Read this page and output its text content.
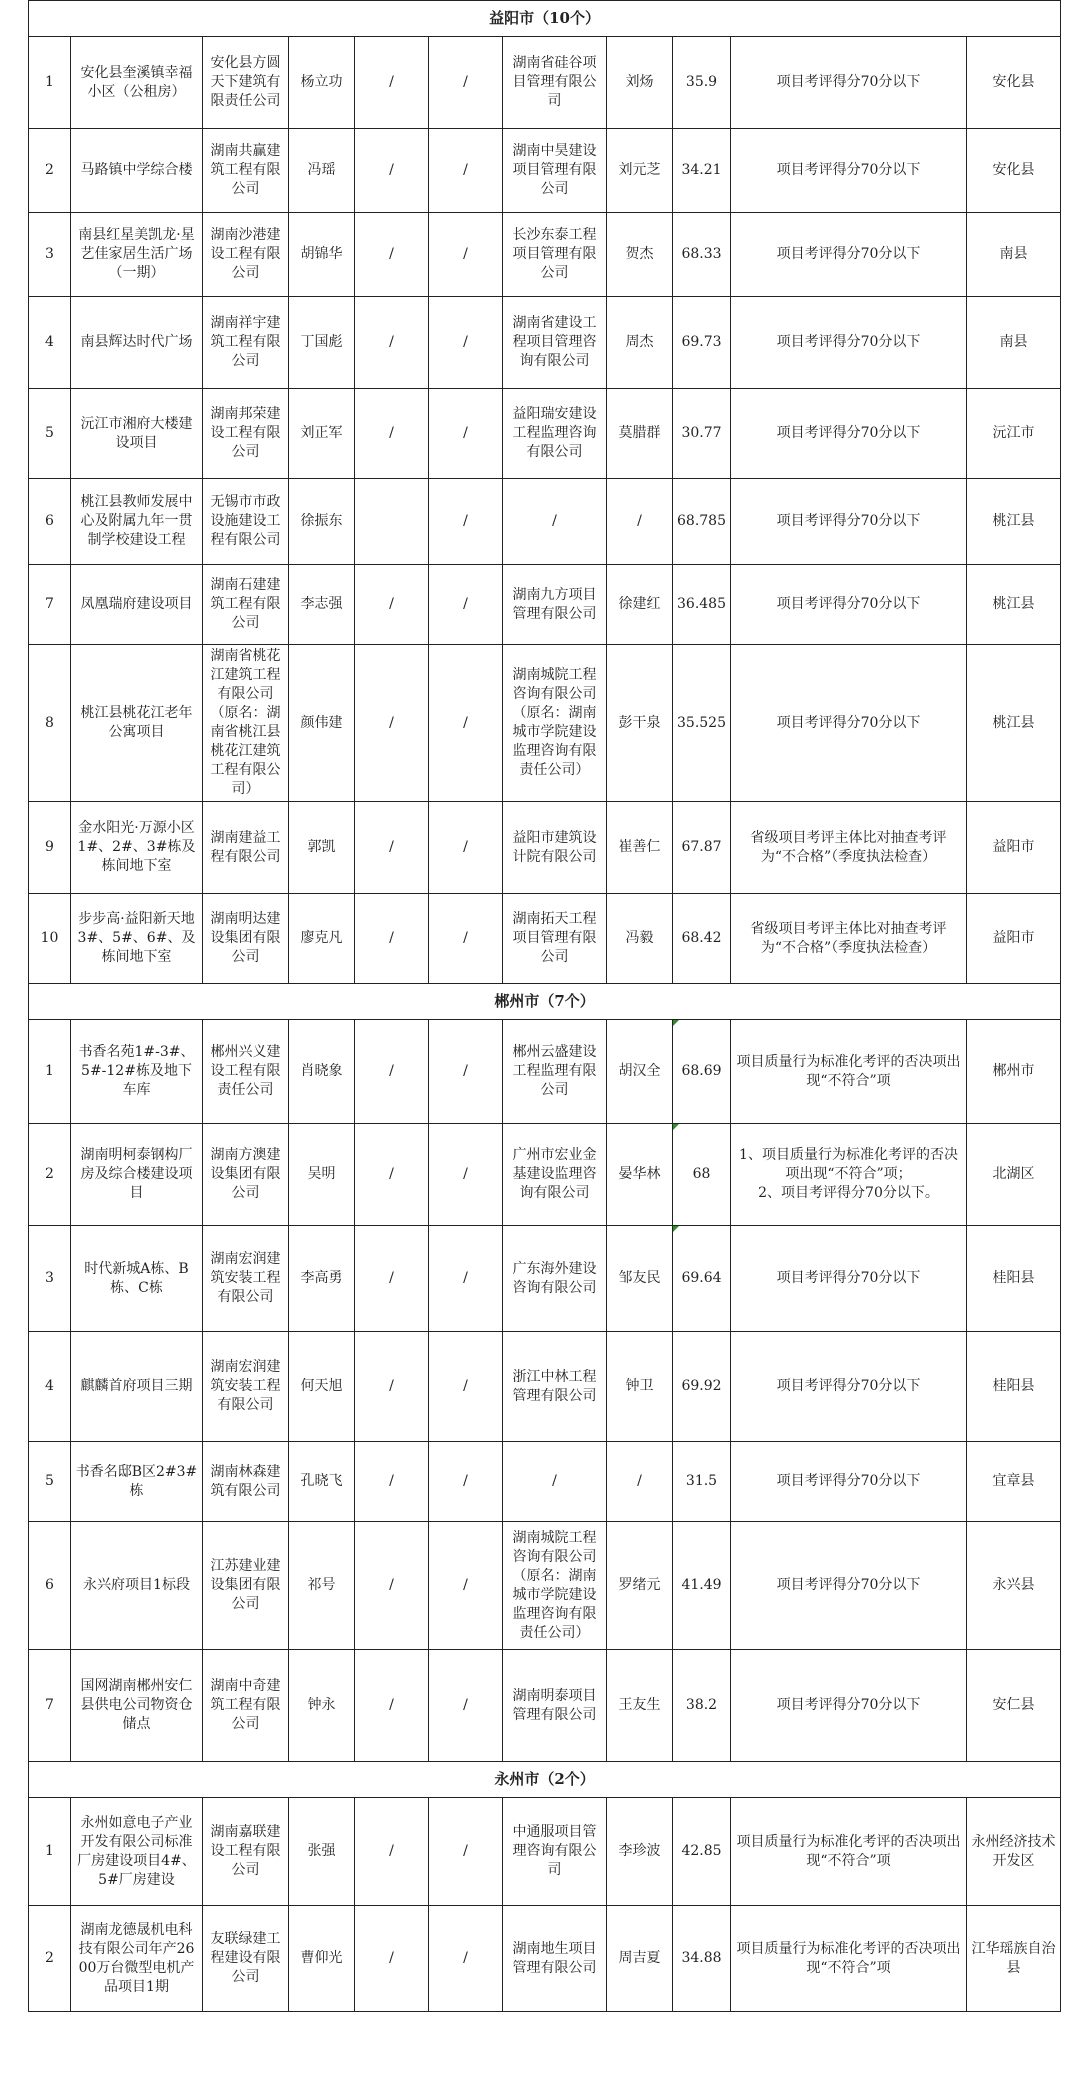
益阳市（10个）										
1	安化县奎溪镇幸福小区（公租房）	安化县方圆天下建筑有限责任公司	杨立功	/	/	湖南省硅谷项目管理有限公司	刘炀	35.9	项目考评得分70分以下	安化县
2	马路镇中学综合楼	湖南共赢建筑工程有限公司	冯瑶	/	/	湖南中昊建设项目管理有限公司	刘元芝	34.21	项目考评得分70分以下	安化县
3	南县红星美凯龙·星艺佳家居生活广场（一期）	湖南沙港建设工程有限公司	胡锦华	/	/	长沙东泰工程项目管理有限公司	贺杰	68.33	项目考评得分70分以下	南县
4	南县辉达时代广场	湖南祥宇建筑工程有限公司	丁国彪	/	/	湖南省建设工程项目管理咨询有限公司	周杰	69.73	项目考评得分70分以下	南县
5	沅江市湘府大楼建设项目	湖南邦荣建设工程有限公司	刘正军	/	/	益阳瑞安建设工程监理咨询有限公司	莫腊群	30.77	项目考评得分70分以下	沅江市
6	桃江县教师发展中心及附属九年一贯制学校建设工程	无锡市市政设施建设工程有限公司	徐振东		/	/	/	68.785	项目考评得分70分以下	桃江县
7	凤凰瑞府建设项目	湖南石建建筑工程有限公司	李志强	/	/	湖南九方项目管理有限公司	徐建红	36.485	项目考评得分70分以下	桃江县
8	桃江县桃花江老年公寓项目	湖南省桃花江建筑工程有限公司（原名：湖南省桃江县桃花江建筑工程有限公司）	颜伟建	/	/	湖南城院工程咨询有限公司（原名：湖南城市学院建设监理咨询有限责任公司）	彭干泉	35.525	项目考评得分70分以下	桃江县
9	金水阳光·万源小区1#、2#、3#栋及栋间地下室	湖南建益工程有限公司	郭凯	/	/	益阳市建筑设计院有限公司	崔善仁	67.87	省级项目考评主体比对抽查考评为“不合格”（季度执法检查）	益阳市
10	步步高·益阳新天地3#、5#、6#、及栋间地下室	湖南明达建设集团有限公司	廖克凡	/	/	湖南拓天工程项目管理有限公司	冯毅	68.42	省级项目考评主体比对抽查考评为“不合格”（季度执法检查）	益阳市
郴州市（7个）										
1	书香名苑1#-3#、5#-12#栋及地下车库	郴州兴义建设工程有限责任公司	肖晓象	/	/	郴州云盛建设工程监理有限公司	胡汉全	68.69	项目质量行为标准化考评的否决项出现“不符合”项	郴州市
2	湖南明柯泰钢构厂房及综合楼建设项目	湖南方澳建设集团有限公司	吴明	/	/	广州市宏业金基建设监理咨询有限公司	晏华林	68	1、项目质量行为标准化考评的否决项出现“不符合”项；
2、项目考评得分70分以下。	北湖区
3	时代新城A栋、B栋、C栋	湖南宏润建筑安装工程有限公司	李高勇	/	/	广东海外建设咨询有限公司	邹友民	69.64	项目考评得分70分以下	桂阳县
4	麒麟首府项目三期	湖南宏润建筑安装工程有限公司	何天旭	/	/	浙江中林工程管理有限公司	钟卫	69.92	项目考评得分70分以下	桂阳县
5	书香名邸B区2#3#栋	湖南林森建筑有限公司	孔晓飞	/	/	/	/	31.5	项目考评得分70分以下	宜章县
6	永兴府项目1标段	江苏建业建设集团有限公司	祁号	/	/	湖南城院工程咨询有限公司（原名：湖南城市学院建设监理咨询有限责任公司）	罗绪元	41.49	项目考评得分70分以下	永兴县
7	国网湖南郴州安仁县供电公司物资仓储点	湖南中奇建筑工程有限公司	钟永	/	/	湖南明泰项目管理有限公司	王友生	38.2	项目考评得分70分以下	安仁县
永州市（2个）										
1	永州如意电子产业开发有限公司标准厂房建设项目4#、5#厂房建设	湖南嘉联建设工程有限公司	张强	/	/	中通服项目管理咨询有限公司	李珍波	42.85	项目质量行为标准化考评的否决项出现“不符合”项	永州经济技术开发区
2	湖南龙德晟机电科技有限公司年产2600万台微型电机产品项目1期	友联绿建工程建设有限公司	曹仰光	/	/	湖南地生项目管理有限公司	周吉夏	34.88	项目质量行为标准化考评的否决项出现“不符合”项	江华瑶族自治县
